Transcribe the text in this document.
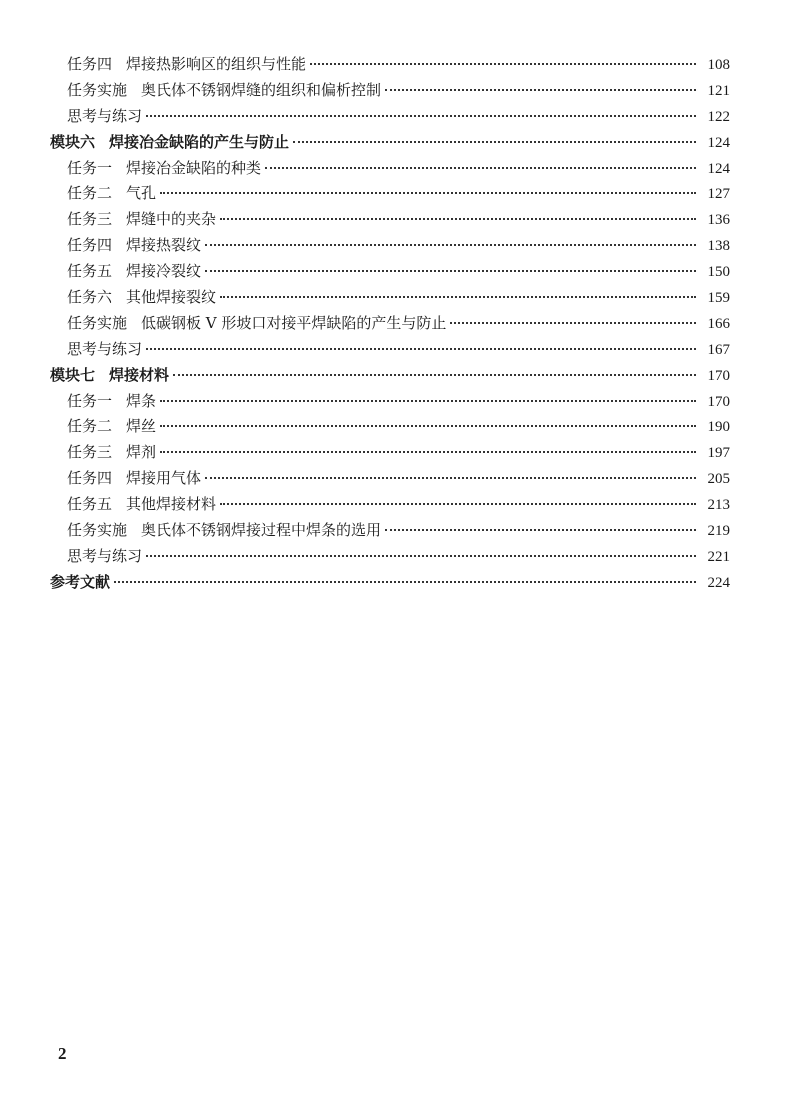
任务四 焊接热影响区的组织与性能	108
任务实施 奥氏体不锈钢焊缝的组织和偏析控制	121
思考与练习	122
模块六 焊接冶金缺陷的产生与防止	124
任务一 焊接冶金缺陷的种类	124
任务二 气孔	127
任务三 焊缝中的夹杂	136
任务四 焊接热裂纹	138
任务五 焊接冷裂纹	150
任务六 其他焊接裂纹	159
任务实施 低碳钢板 V 形坡口对接平焊缺陷的产生与防止	166
思考与练习	167
模块七 焊接材料	170
任务一 焊条	170
任务二 焊丝	190
任务三 焊剂	197
任务四 焊接用气体	205
任务五 其他焊接材料	213
任务实施 奥氏体不锈钢焊接过程中焊条的选用	219
思考与练习	221
参考文献	224
2
